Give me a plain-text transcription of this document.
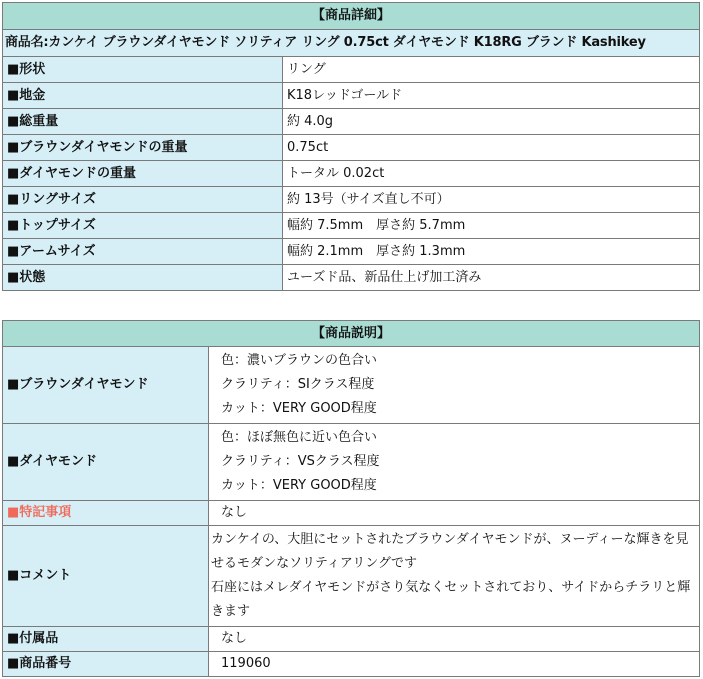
【商品詳細】	
商品名:カンケイ ブラウンダイヤモンド ソリティア リング 0.75ct ダイヤモンド K18RG ブランド Kashikey	
■形状	リング
■地金	K18レッドゴールド
■総重量	約 4.0g
■ブラウンダイヤモンドの重量	0.75ct
■ダイヤモンドの重量	トータル 0.02ct
■リングサイズ	約 13号（サイズ直し不可）
■トップサイズ	幅約 7.5mm　厚さ約 5.7mm
■アームサイズ	幅約 2.1mm　厚さ約 1.3mm
■状態	ユーズド品、新品仕上げ加工済み
【商品説明】	
■ブラウンダイヤモンド	色：濃いブラウンの色合い
クラリティ：SIクラス程度
カット：VERY GOOD程度

■ダイヤモンド	色：ほぼ無色に近い色合い
クラリティ：VSクラス程度
カット：VERY GOOD程度

■特記事項	なし
■コメント	カンケイの、大胆にセットされたブラウンダイヤモンドが、ヌーディーな輝きを見せるモダンなソリティアリングです
石座にはメレダイヤモンドがさり気なくセットされており、サイドからチラリと輝きます

■付属品	なし
■商品番号	119060
